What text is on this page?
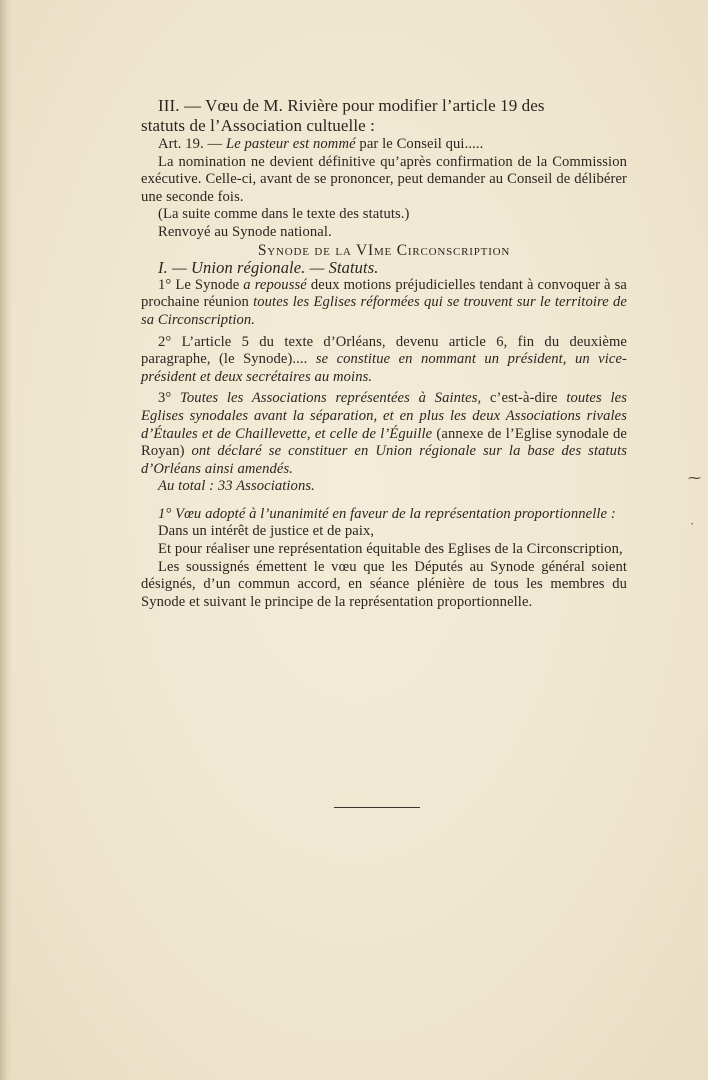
III. — Vœu de M. Rivière pour modifier l’article 19 des

statuts de l’Association cultuelle :

Art. 19. — Le pasteur est nommé par le Conseil qui.....

La nomination ne devient définitive qu’après confirmation de la Commission exécutive. Celle-ci, avant de se prononcer, peut demander au Conseil de délibérer une seconde fois.

(La suite comme dans le texte des statuts.)

Renvoyé au Synode national.

Synode de la VIme Circonscription

I. — Union régionale. — Statuts.

1° Le Synode a repoussé deux motions préjudicielles tendant à convoquer à sa prochaine réunion toutes les Eglises réformées qui se trouvent sur le territoire de sa Circonscription.

2° L’article 5 du texte d’Orléans, devenu article 6, fin du deuxième paragraphe, (le Synode).... se constitue en nommant un président, un vice-président et deux secrétaires au moins.

3° Toutes les Associations représentées à Saintes, c’est-à-dire toutes les Eglises synodales avant la séparation, et en plus les deux Associations rivales d’Étaules et de Chaillevette, et celle de l’Éguille (annexe de l’Eglise synodale de Royan) ont déclaré se constituer en Union régionale sur la base des statuts d’Orléans ainsi amendés.

Au total : 33 Associations.

1° Vœu adopté à l’unanimité en faveur de la représentation proportionnelle :

Dans un intérêt de justice et de paix,

Et pour réaliser une représentation équitable des Eglises de la Circonscription,

Les soussignés émettent le vœu que les Députés au Synode général soient désignés, d’un commun accord, en séance plénière de tous les membres du Synode et suivant le principe de la représentation proportionnelle.

⁓
·
